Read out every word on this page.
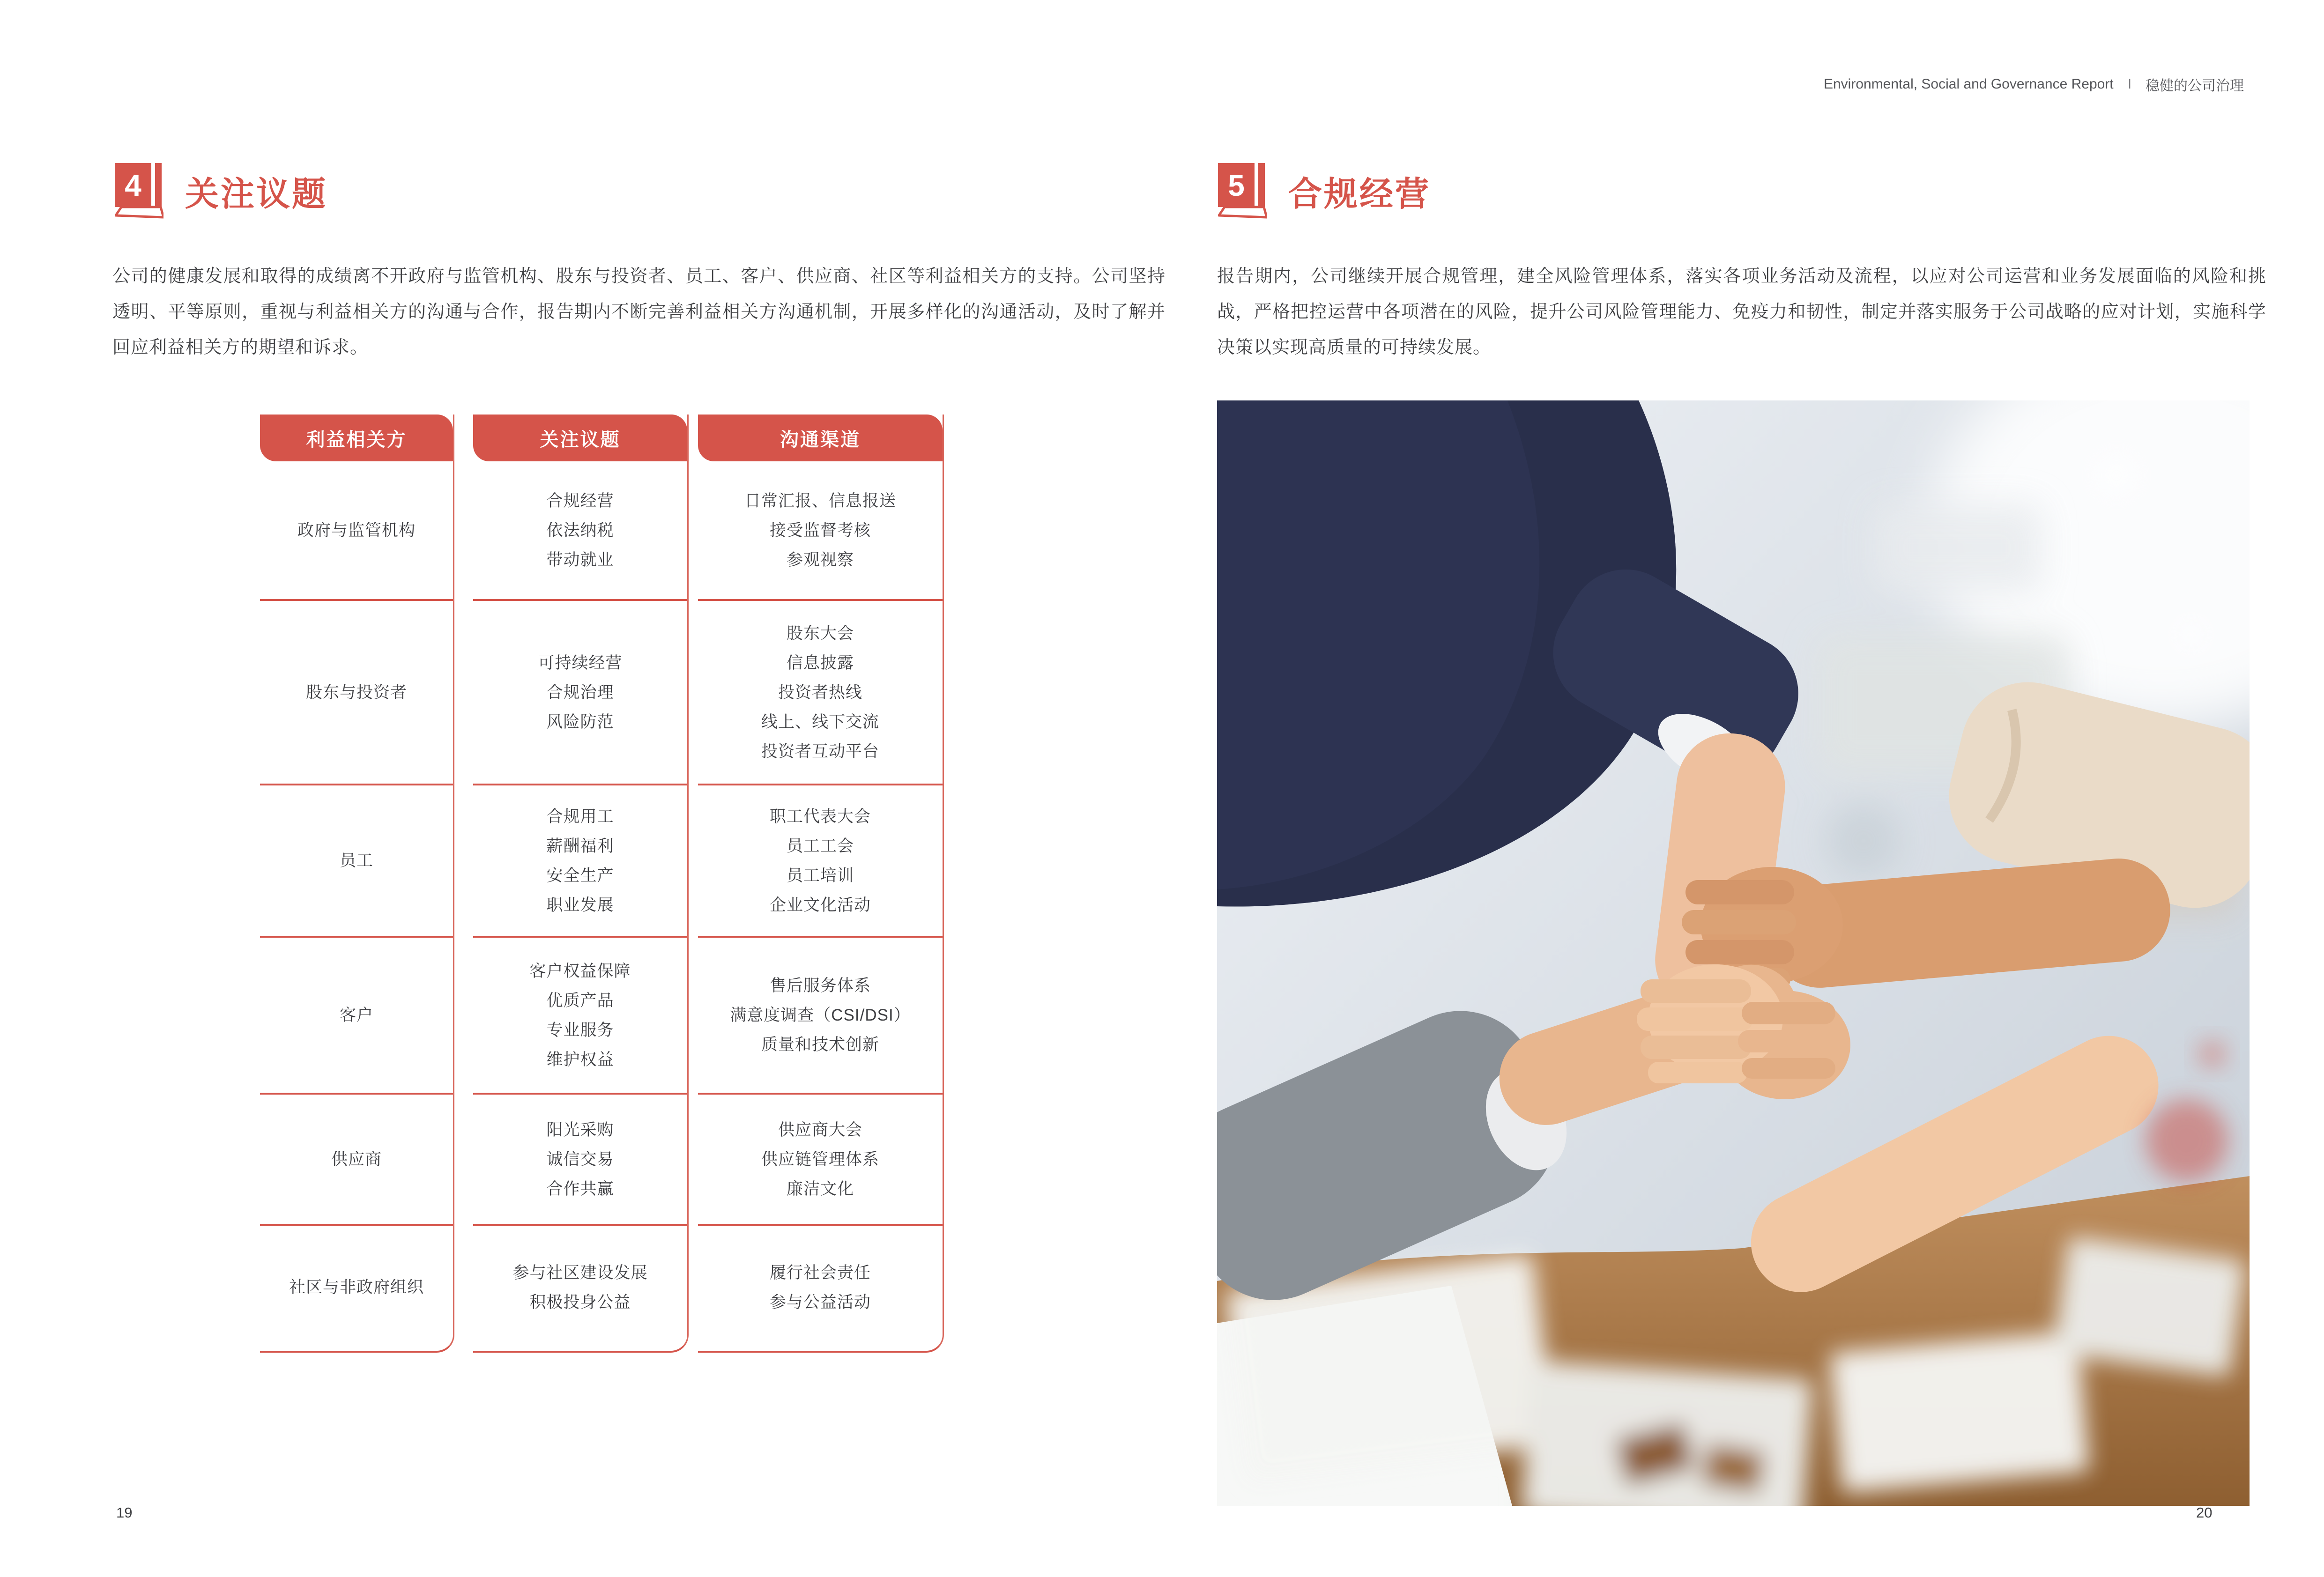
Environmental, Social and Governance Report I 稳健的公司治理
4 关注议题
公司的健康发展和取得的成绩离不开政府与监管机构、股东与投资者、员工、客户、供应商、社区等利益相关方的支持。公司坚持透明、平等原则，重视与利益相关方的沟通与合作，报告期内不断完善利益相关方沟通机制，开展多样化的沟通活动，及时了解并回应利益相关方的期望和诉求。
利益相关方
政府与监管机构
股东与投资者
员工
客户
供应商
社区与非政府组织
关注议题
合规经营
依法纳税
带动就业
可持续经营
合规治理
风险防范
合规用工
薪酬福利
安全生产
职业发展
客户权益保障
优质产品
专业服务
维护权益
阳光采购
诚信交易
合作共赢
参与社区建设发展
积极投身公益
沟通渠道
日常汇报、信息报送
接受监督考核
参观视察
股东大会
信息披露
投资者热线
线上、线下交流
投资者互动平台
职工代表大会
员工工会
员工培训
企业文化活动
售后服务体系
满意度调查（CSI/DSI）
质量和技术创新
供应商大会
供应链管理体系
廉洁文化
履行社会责任
参与公益活动
5 合规经营
报告期内，公司继续开展合规管理，建全风险管理体系，落实各项业务活动及流程，以应对公司运营和业务发展面临的风险和挑战，严格把控运营中各项潜在的风险，提升公司风险管理能力、免疫力和韧性，制定并落实服务于公司战略的应对计划，实施科学决策以实现高质量的可持续发展。
19	20
